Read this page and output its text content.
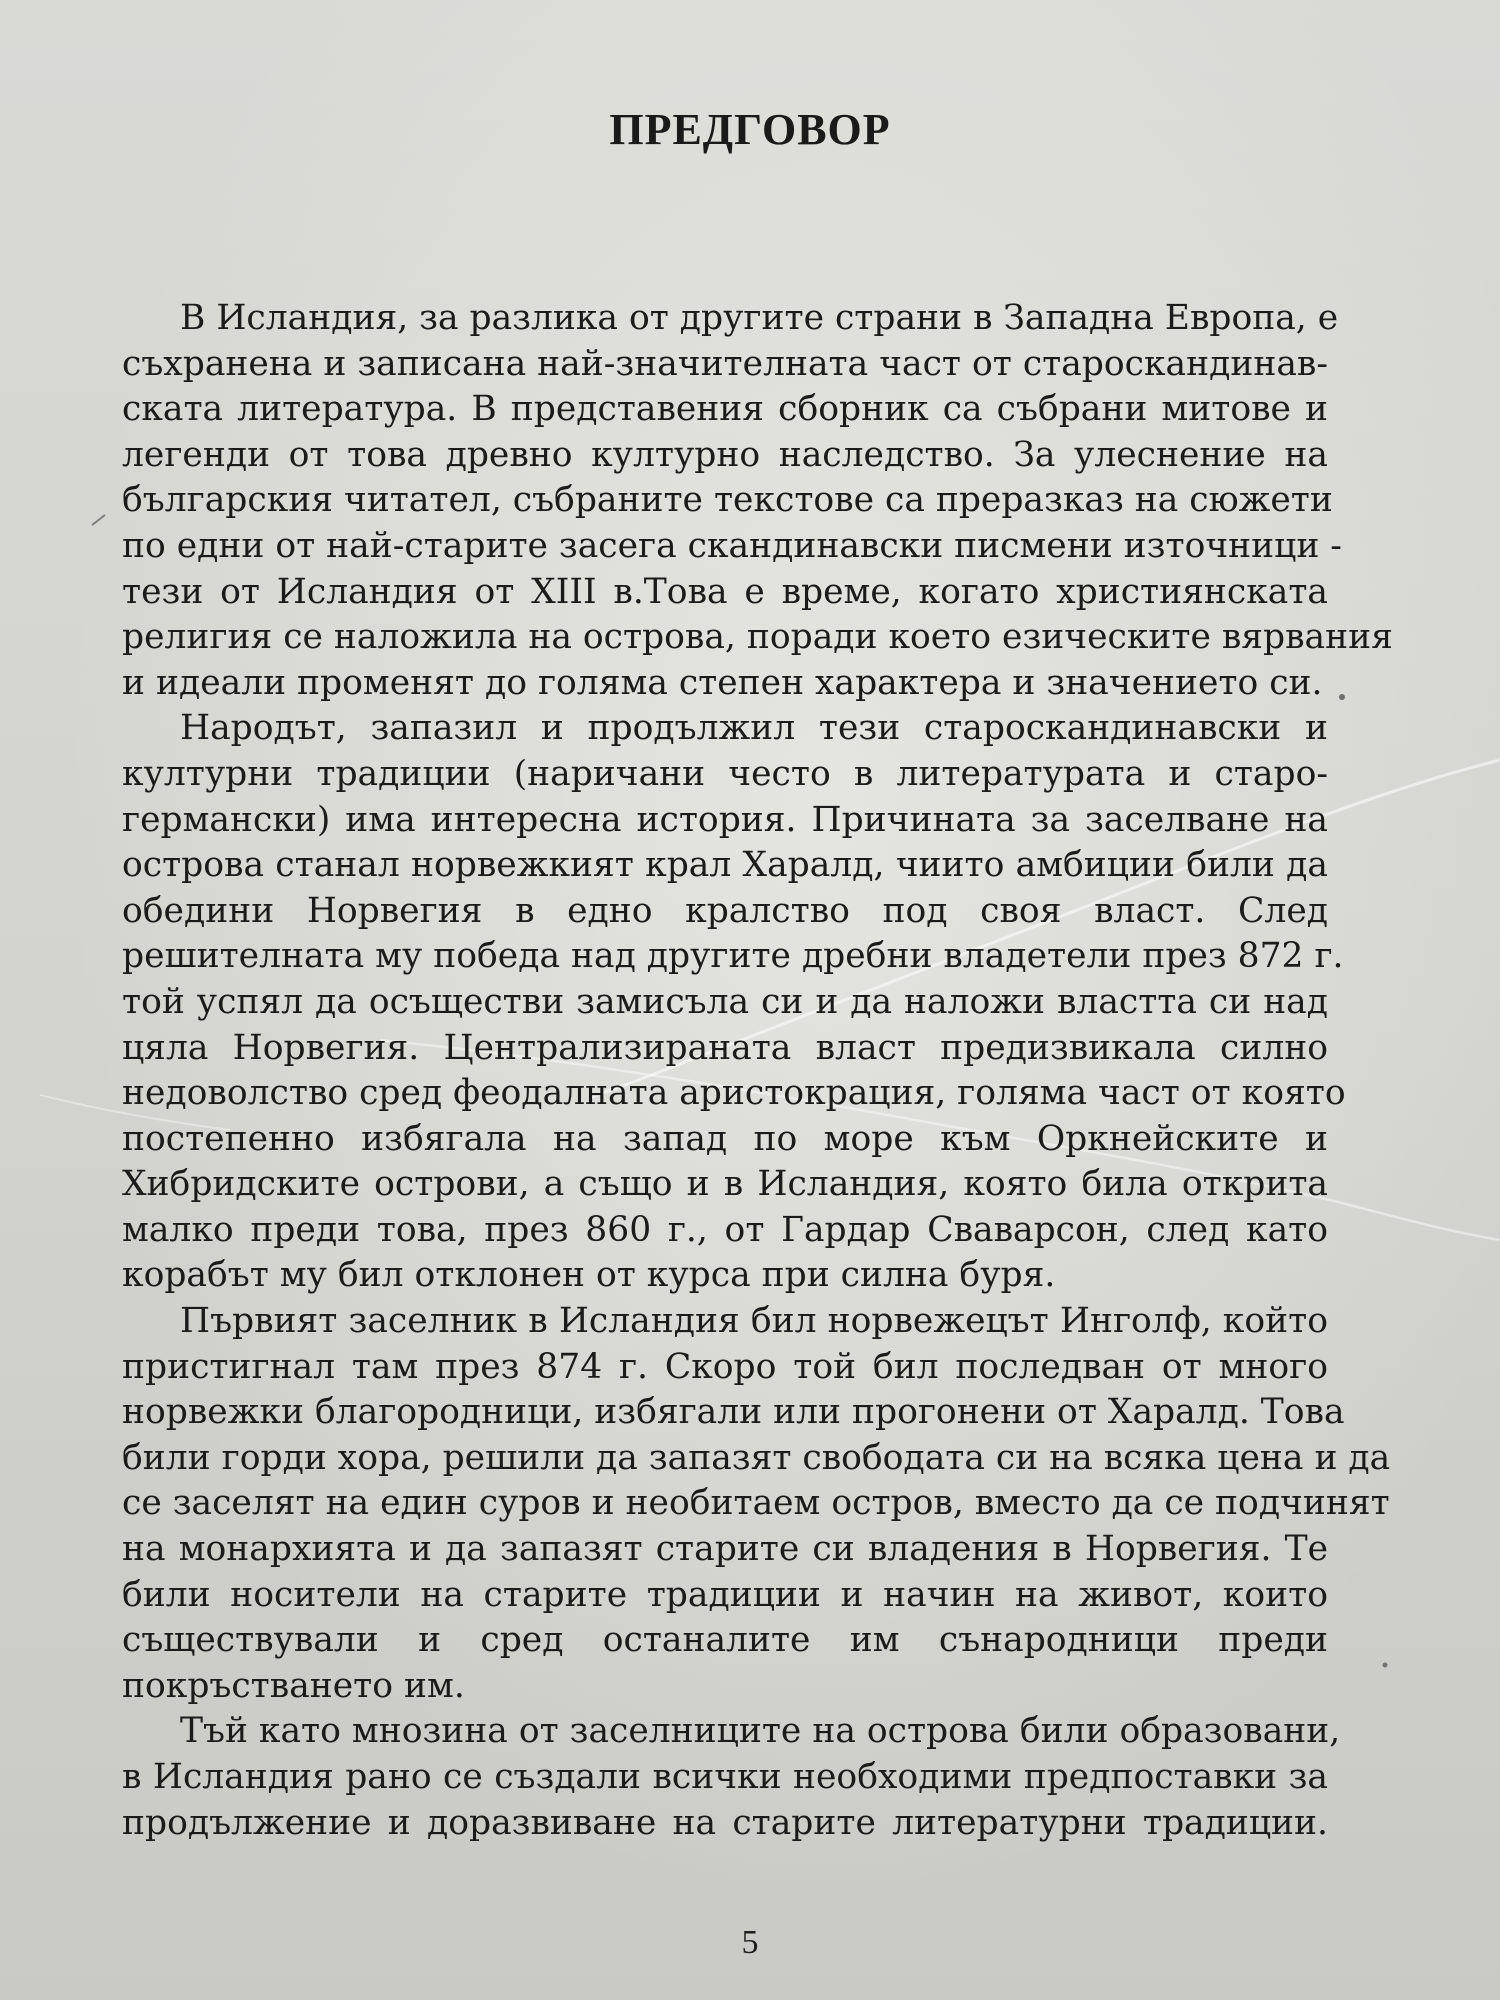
ПРЕДГОВОР
В Исландия, за разлика от другите страни в Западна Европа, е
съхранена и записана най-значителната част от староскандинав-
ската литература. В представения сборник са събрани митове и
легенди от това древно културно наследство. За улеснение на
българския читател, събраните текстове са преразказ на сюжети
по едни от най-старите засега скандинавски писмени източници -
тези от Исландия от XIII в.Това е време, когато християнската
религия се наложила на острова, поради което езическите вярвания
и идеали променят до голяма степен характера и значението си.
Народът, запазил и продължил тези староскандинавски и
културни традиции (наричани често в литературата и старо-
германски) има интересна история. Причината за заселване на
острова станал норвежкият крал Харалд, чиито амбиции били да
обедини Норвегия в едно кралство под своя власт. След
решителната му победа над другите дребни владетели през 872 г.
той успял да осъществи замисъла си и да наложи властта си над
цяла Норвегия. Централизираната власт предизвикала силно
недоволство сред феодалната аристокрация, голяма част от която
постепенно избягала на запад по море към Оркнейските и
Хибридските острови, а също и в Исландия, която била открита
малко преди това, през 860 г., от Гардар Сваварсон, след като
корабът му бил отклонен от курса при силна буря.
Първият заселник в Исландия бил норвежецът Инголф, който
пристигнал там през 874 г. Скоро той бил последван от много
норвежки благородници, избягали или прогонени от Харалд. Това
били горди хора, решили да запазят свободата си на всяка цена и да
се заселят на един суров и необитаем остров, вместо да се подчинят
на монархията и да запазят старите си владения в Норвегия. Те
били носители на старите традиции и начин на живот, които
съществували и сред останалите им сънародници преди
покръстването им.
Тъй като мнозина от заселниците на острова били образовани,
в Исландия рано се създали всички необходими предпоставки за
продължение и доразвиване на старите литературни традиции.
5
